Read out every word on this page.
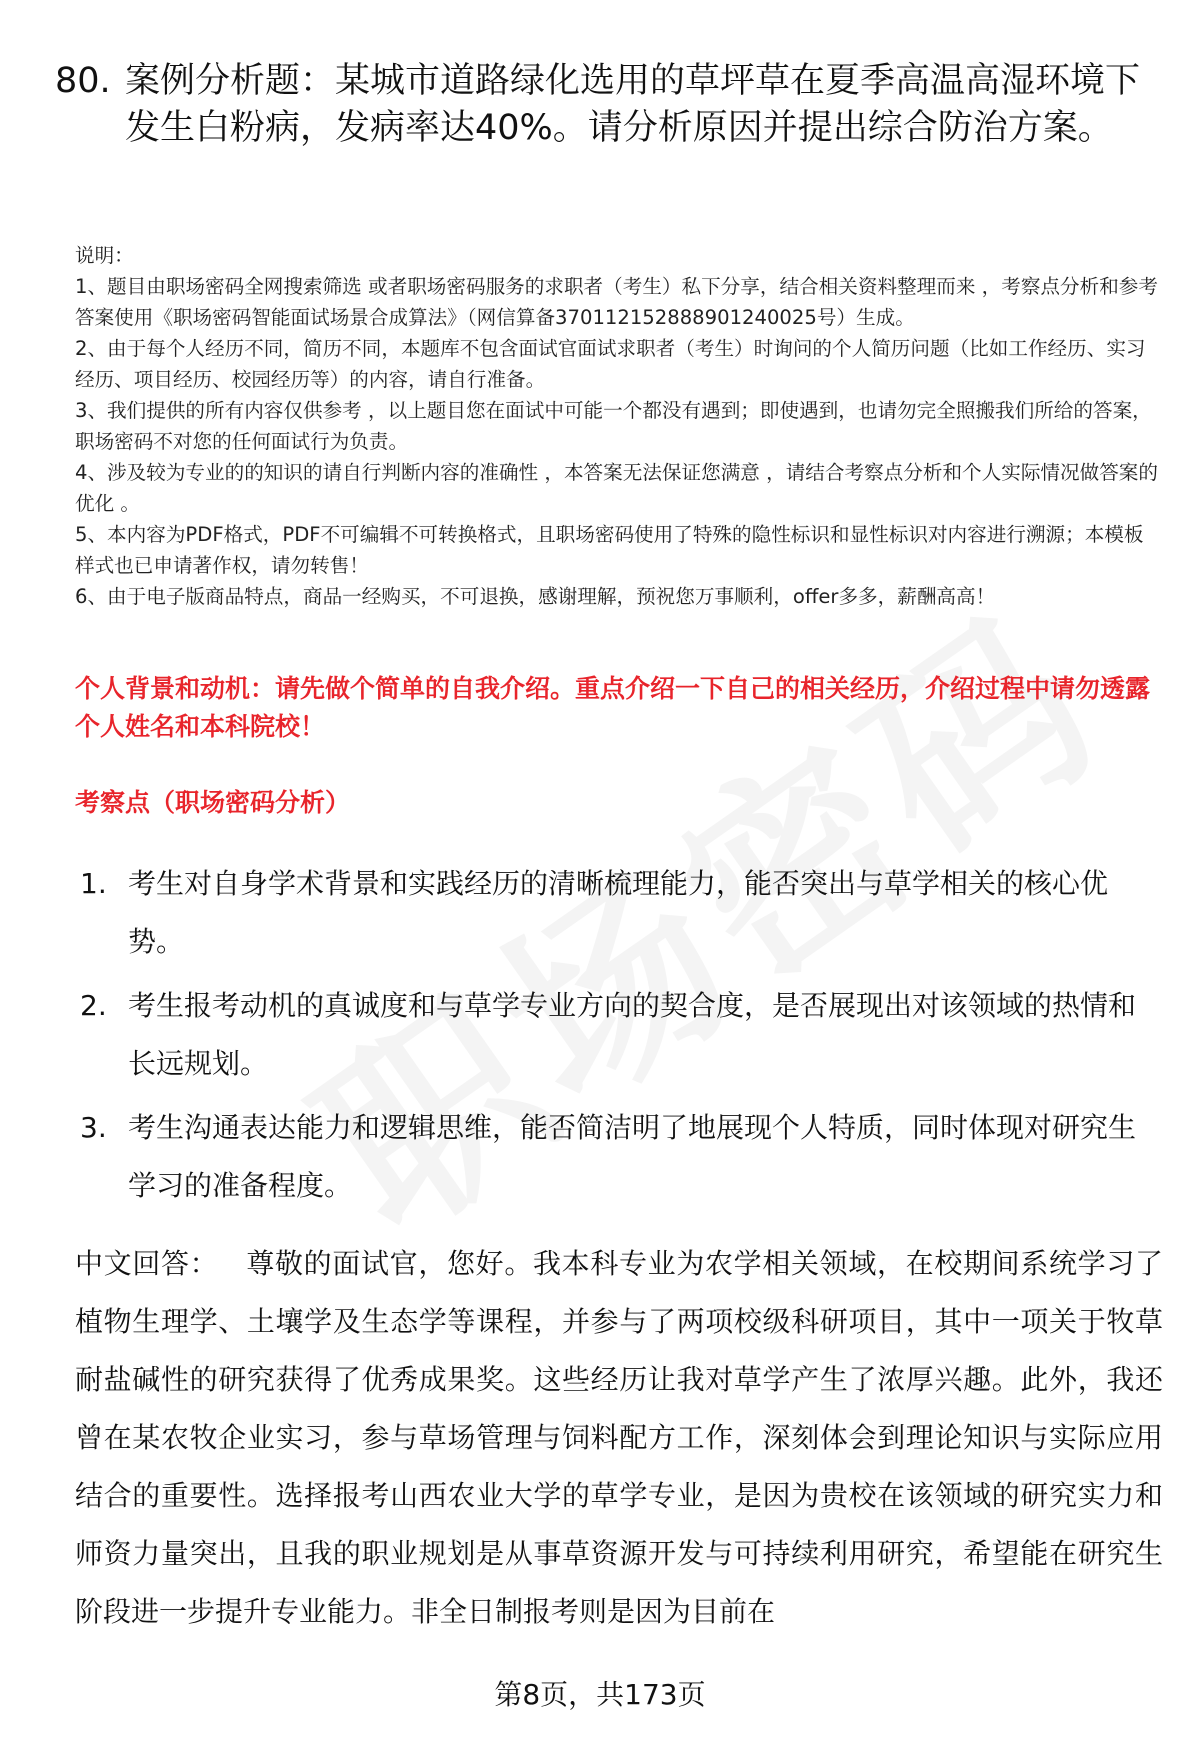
80. 案例分析题：某城市道路绿化选用的草坪草在夏季高温高湿环境下发生白粉病，发病率达40%。请分析原因并提出综合防治方案。

说明：

1、题目由职场密码全网搜索筛选 或者职场密码服务的求职者（考生）私下分享，结合相关资料整理而来 ，考察点分析和参考答案使用《职场密码智能面试场景合成算法》（网信算备370112152888901240025号）生成。

2、由于每个人经历不同，简历不同，本题库不包含面试官面试求职者（考生）时询问的个人简历问题（比如工作经历、实习经历、项目经历、校园经历等）的内容，请自行准备。

3、我们提供的所有内容仅供参考 ，以上题目您在面试中可能一个都没有遇到；即使遇到，也请勿完全照搬我们所给的答案，职场密码不对您的任何面试行为负责。

4、涉及较为专业的的知识的请自行判断内容的准确性 ，本答案无法保证您满意 ，请结合考察点分析和个人实际情况做答案的优化 。

5、本内容为PDF格式，PDF不可编辑不可转换格式，且职场密码使用了特殊的隐性标识和显性标识对内容进行溯源；本模板样式也已申请著作权，请勿转售！

6、由于电子版商品特点，商品一经购买，不可退换，感谢理解，预祝您万事顺利，offer多多，薪酬高高！

个人背景和动机：请先做个简单的自我介绍。重点介绍一下自己的相关经历，介绍过程中请勿透露个人姓名和本科院校！
考察点（职场密码分析）
1. 考生对自身学术背景和实践经历的清晰梳理能力，能否突出与草学相关的核心优势。
2. 考生报考动机的真诚度和与草学专业方向的契合度，是否展现出对该领域的热情和长远规划。
3. 考生沟通表达能力和逻辑思维，能否简洁明了地展现个人特质，同时体现对研究生学习的准备程度。
中文回答： 尊敬的面试官，您好。我本科专业为农学相关领域，在校期间系统学习了植物生理学、土壤学及生态学等课程，并参与了两项校级科研项目，其中一项关于牧草耐盐碱性的研究获得了优秀成果奖。这些经历让我对草学产生了浓厚兴趣。此外，我还曾在某农牧企业实习，参与草场管理与饲料配方工作，深刻体会到理论知识与实际应用结合的重要性。选择报考山西农业大学的草学专业，是因为贵校在该领域的研究实力和师资力量突出，且我的职业规划是从事草资源开发与可持续利用研究，希望能在研究生阶段进一步提升专业能力。非全日制报考则是因为目前在
第8页，共173页
